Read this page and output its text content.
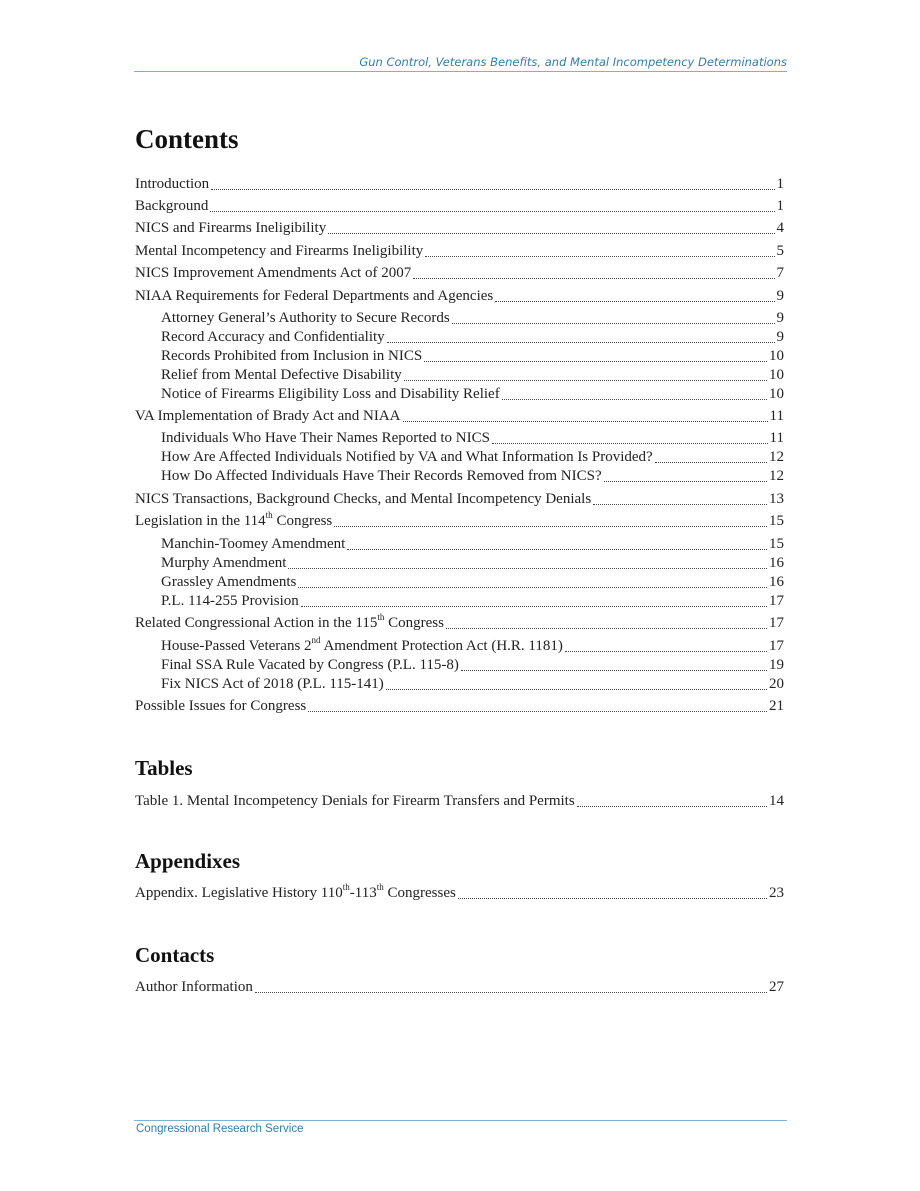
Gun Control, Veterans Benefits, and Mental Incompetency Determinations
Contents
Introduction	1
Background	1
NICS and Firearms Ineligibility	4
Mental Incompetency and Firearms Ineligibility	5
NICS Improvement Amendments Act of 2007	7
NIAA Requirements for Federal Departments and Agencies	9
Attorney General’s Authority to Secure Records	9
Record Accuracy and Confidentiality	9
Records Prohibited from Inclusion in NICS	10
Relief from Mental Defective Disability	10
Notice of Firearms Eligibility Loss and Disability Relief	10
VA Implementation of Brady Act and NIAA	11
Individuals Who Have Their Names Reported to NICS	11
How Are Affected Individuals Notified by VA and What Information Is Provided?	12
How Do Affected Individuals Have Their Records Removed from NICS?	12
NICS Transactions, Background Checks, and Mental Incompetency Denials	13
Legislation in the 114th Congress	15
Manchin-Toomey Amendment	15
Murphy Amendment	16
Grassley Amendments	16
P.L. 114-255 Provision	17
Related Congressional Action in the 115th Congress	17
House-Passed Veterans 2nd Amendment Protection Act (H.R. 1181)	17
Final SSA Rule Vacated by Congress (P.L. 115-8)	19
Fix NICS Act of 2018 (P.L. 115-141)	20
Possible Issues for Congress	21
Tables
Table 1. Mental Incompetency Denials for Firearm Transfers and Permits	14
Appendixes
Appendix. Legislative History 110th-113th Congresses	23
Contacts
Author Information	27
Congressional Research Service
